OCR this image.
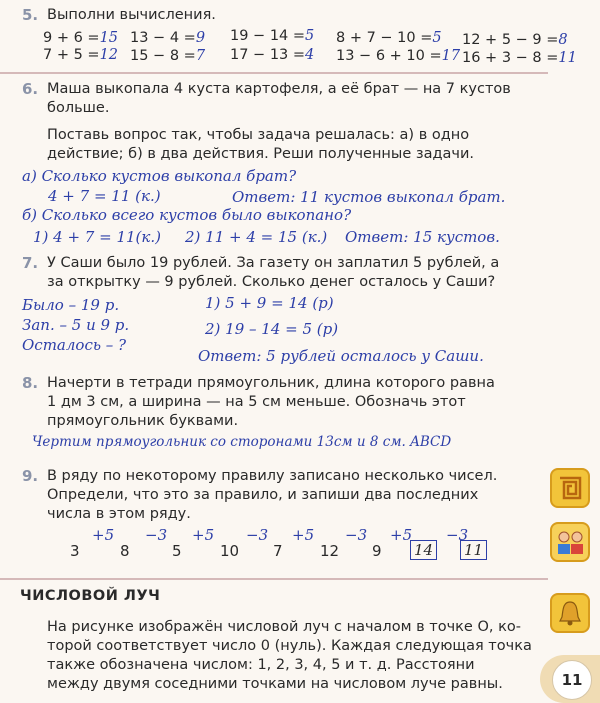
5. Выполни вычисления.
9 + 6 =15 13 − 4 =9 19 − 14 =5 8 + 7 − 10 =5 12 + 5 − 9 =8
7 + 5 =12 15 − 8 =7 17 − 13 =4 13 − 6 + 10 =17 16 + 3 − 8 =11
6. Маша выкопала 4 куста картофеля, а её брат — на 7 кустов
больше.
Поставь вопрос так, чтобы задача решалась: а) в одно
действие; б) в два действия. Реши полученные задачи.
а) Сколько кустов выкопал брат?
4 + 7 = 11 (к.)	Ответ: 11 кустов выкопал брат.
б) Сколько всего кустов было выкопано?
1) 4 + 7 = 11(к.) 2) 11 + 4 = 15 (к.) Ответ: 15 кустов.
7. У Саши было 19 рублей. За газету он заплатил 5 рублей, а
за открытку — 9 рублей. Сколько денег осталось у Саши?
Было – 19 р.
Зап. – 5 и 9 р.
Осталось – ?
1) 5 + 9 = 14 (р)
2) 19 – 14 = 5 (р)
Ответ: 5 рублей осталось у Саши.
8. Начерти в тетради прямоугольник, длина которого равна
1 дм 3 см, а ширина — на 5 см меньше. Обозначь этот
прямоугольник буквами.
Чертим прямоугольник со сторонами 13см и 8 см. ABCD
9. В ряду по некоторому правилу записано несколько чисел.
Определи, что это за правило, и запиши два последних
числа в этом ряду.
3	8	5	10 7 12 9 14 11
+5 −3 +5 −3 +5 −3 +5 −3
ЧИСЛОВОЙ ЛУЧ
На рисунке изображён числовой луч с началом в точке О, ко-
торой соответствует число 0 (нуль). Каждая следующая точка
также обозначена числом: 1, 2, 3, 4, 5 и т. д. Расстояни
между двумя соседними точками на числовом луче равны.	11
